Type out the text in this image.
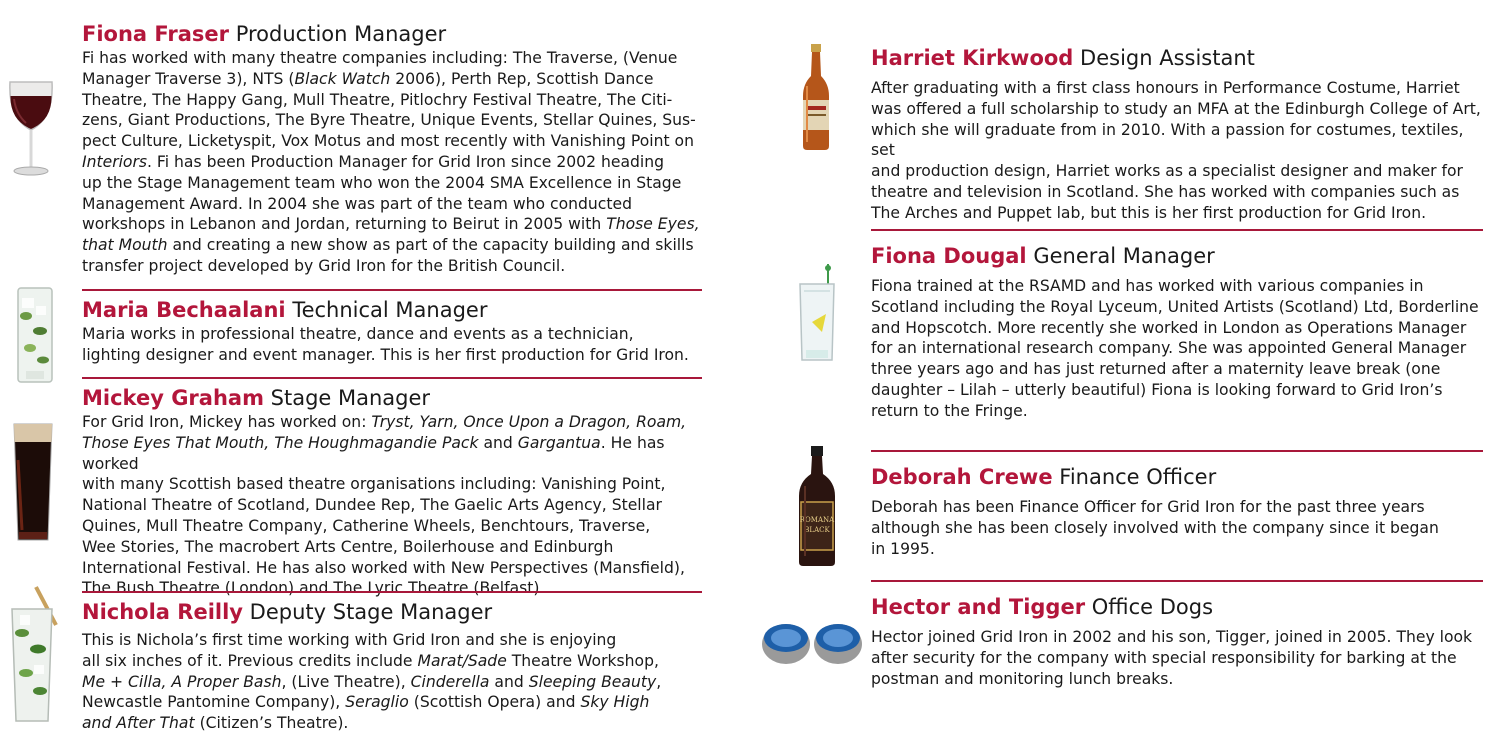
Fiona Fraser Production Manager
Fi has worked with many theatre companies including: The Traverse, (Venue
Manager Traverse 3), NTS (Black Watch 2006), Perth Rep, Scottish Dance
Theatre, The Happy Gang, Mull Theatre, Pitlochry Festival Theatre, The Citi-
zens, Giant Productions, The Byre Theatre, Unique Events, Stellar Quines, Sus-
pect Culture, Licketyspit, Vox Motus and most recently with Vanishing Point on
Interiors. Fi has been Production Manager for Grid Iron since 2002 heading
up the Stage Management team who won the 2004 SMA Excellence in Stage
Management Award. In 2004 she was part of the team who conducted
workshops in Lebanon and Jordan, returning to Beirut in 2005 with Those Eyes,
that Mouth and creating a new show as part of the capacity building and skills
transfer project developed by Grid Iron for the British Council.
Maria Bechaalani Technical Manager
Maria works in professional theatre, dance and events as a technician,
lighting designer and event manager. This is her first production for Grid Iron.
Mickey Graham Stage Manager
For Grid Iron, Mickey has worked on: Tryst, Yarn, Once Upon a Dragon, Roam,
Those Eyes That Mouth, The Houghmagandie Pack and Gargantua. He has worked
with many Scottish based theatre organisations including: Vanishing Point,
National Theatre of Scotland, Dundee Rep, The Gaelic Arts Agency, Stellar
Quines, Mull Theatre Company, Catherine Wheels, Benchtours, Traverse,
Wee Stories, The macrobert Arts Centre, Boilerhouse and Edinburgh
International Festival. He has also worked with New Perspectives (Mansfield),
The Bush Theatre (London) and The Lyric Theatre (Belfast).
Nichola Reilly Deputy Stage Manager
This is Nichola’s first time working with Grid Iron and she is enjoying
all six inches of it. Previous credits include Marat/Sade Theatre Workshop,
Me + Cilla, A Proper Bash, (Live Theatre), Cinderella and Sleeping Beauty,
Newcastle Pantomine Company), Seraglio (Scottish Opera) and Sky High
and After That (Citizen’s Theatre).
Harriet Kirkwood Design Assistant
After graduating with a first class honours in Performance Costume, Harriet
was offered a full scholarship to study an MFA at the Edinburgh College of Art,
which she will graduate from in 2010. With a passion for costumes, textiles, set
and production design, Harriet works as a specialist designer and maker for
theatre and television in Scotland. She has worked with companies such as
The Arches and Puppet lab, but this is her first production for Grid Iron.
Fiona Dougal General Manager
Fiona trained at the RSAMD and has worked with various companies in
Scotland including the Royal Lyceum, United Artists (Scotland) Ltd, Borderline
and Hopscotch. More recently she worked in London as Operations Manager
for an international research company. She was appointed General Manager
three years ago and has just returned after a maternity leave break (one
daughter – Lilah – utterly beautiful) Fiona is looking forward to Grid Iron’s
return to the Fringe.
Deborah Crewe Finance Officer
Deborah has been Finance Officer for Grid Iron for the past three years
although she has been closely involved with the company since it began
in 1995.
Hector and Tigger Office Dogs
Hector joined Grid Iron in 2002 and his son, Tigger, joined in 2005. They look
after security for the company with special responsibility for barking at the
postman and monitoring lunch breaks.
ROMANA
BLACK
